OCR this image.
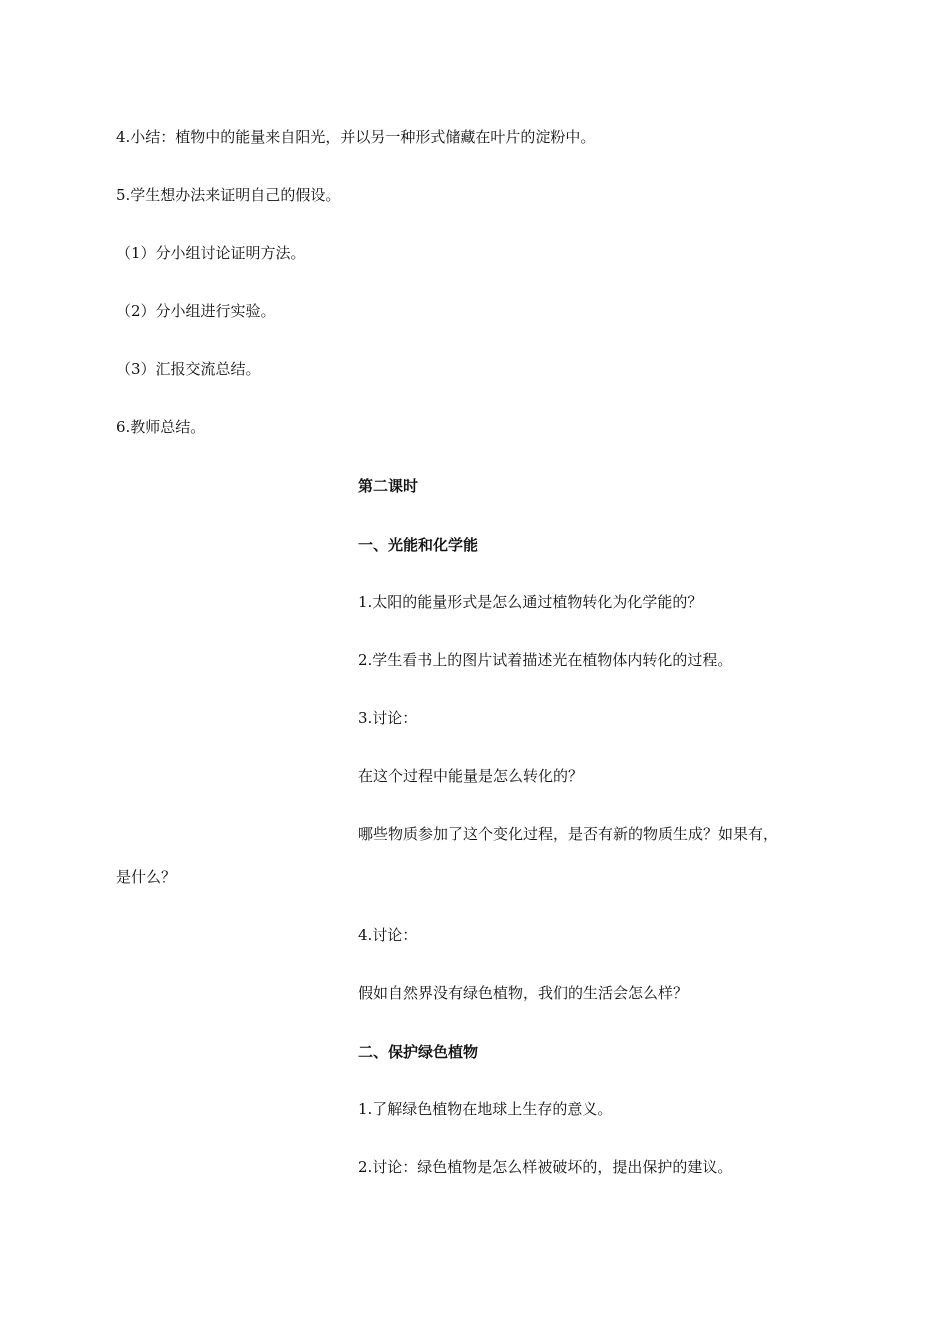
4.小结：植物中的能量来自阳光，并以另一种形式储藏在叶片的淀粉中。
5.学生想办法来证明自己的假设。
（1）分小组讨论证明方法。
（2）分小组进行实验。
（3）汇报交流总结。
6.教师总结。
第二课时
一、光能和化学能
1.太阳的能量形式是怎么通过植物转化为化学能的？
2.学生看书上的图片试着描述光在植物体内转化的过程。
3.讨论：
在这个过程中能量是怎么转化的？
哪些物质参加了这个变化过程，是否有新的物质生成？如果有，
是什么？
4.讨论：
假如自然界没有绿色植物，我们的生活会怎么样？
二、保护绿色植物
1.了解绿色植物在地球上生存的意义。
2.讨论：绿色植物是怎么样被破坏的，提出保护的建议。
